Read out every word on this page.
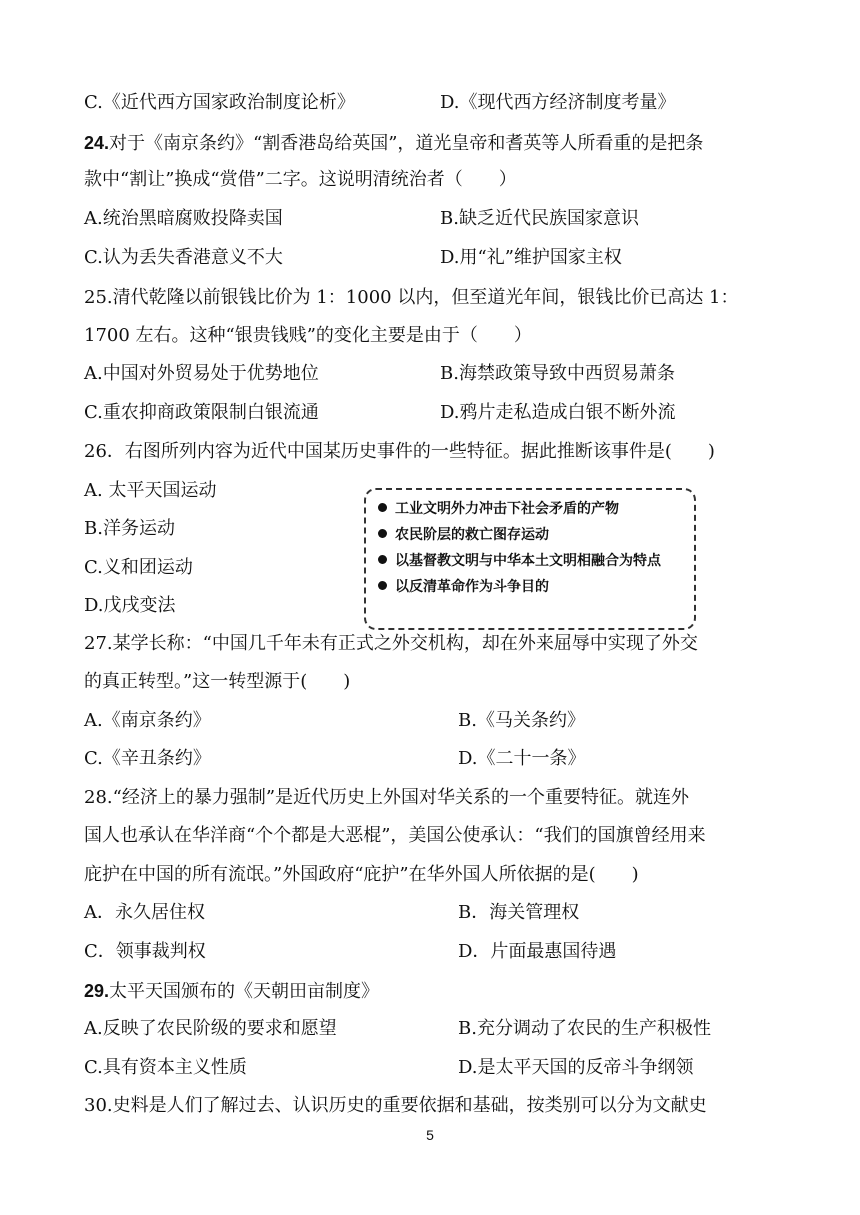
C.《近代西方国家政治制度论析》	D.《现代西方经济制度考量》
24.对于《南京条约》“割香港岛给英国”，道光皇帝和耆英等人所看重的是把条
款中“割让”换成“赏借”二字。这说明清统治者（　　）
A.统治黑暗腐败投降卖国	B.缺乏近代民族国家意识
C.认为丢失香港意义不大	D.用“礼”维护国家主权
25.清代乾隆以前银钱比价为 1：1000 以内，但至道光年间，银钱比价已高达 1：
1700 左右。这种“银贵钱贱”的变化主要是由于（　　）
A.中国对外贸易处于优势地位	B.海禁政策导致中西贸易萧条
C.重农抑商政策限制白银流通	D.鸦片走私造成白银不断外流
26．右图所列内容为近代中国某历史事件的一些特征。据此推断该事件是(　　)
A. 太平天国运动
B.洋务运动
C.义和团运动
D.戊戌变法
工业文明外力冲击下社会矛盾的产物
农民阶层的救亡图存运动
以基督教文明与中华本土文明相融合为特点
以反清革命作为斗争目的
27.某学长称：“中国几千年未有正式之外交机构，却在外来屈辱中实现了外交
的真正转型。”这一转型源于(　　)
A.《南京条约》	B.《马关条约》
C.《辛丑条约》	D.《二十一条》
28.“经济上的暴力强制”是近代历史上外国对华关系的一个重要特征。就连外
国人也承认在华洋商“个个都是大恶棍”，美国公使承认：“我们的国旗曾经用来
庇护在中国的所有流氓。”外国政府“庇护”在华外国人所依据的是(　　)
A．永久居住权	B．海关管理权
C．领事裁判权	D．片面最惠国待遇
29.太平天国颁布的《天朝田亩制度》
A.反映了农民阶级的要求和愿望	B.充分调动了农民的生产积极性
C.具有资本主义性质	D.是太平天国的反帝斗争纲领
30.史料是人们了解过去、认识历史的重要依据和基础，按类别可以分为文献史
5
